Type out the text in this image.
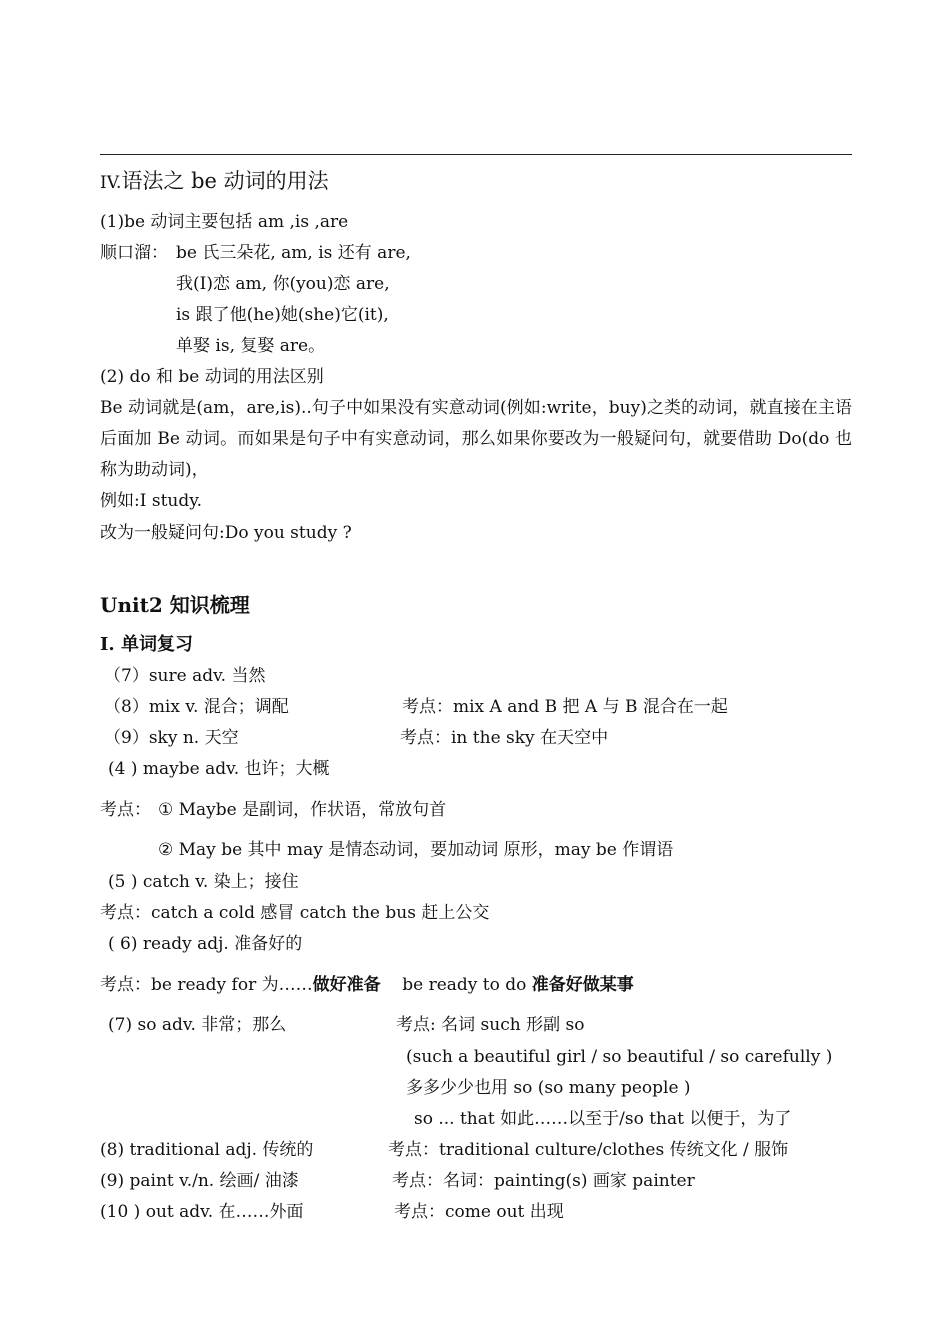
IV.语法之 be 动词的用法
(1)be 动词主要包括 am ,is ,are
顺口溜： be 氏三朵花, am, is 还有 are,
我(I)恋 am, 你(you)恋 are,
is 跟了他(he)她(she)它(it),
单娶 is, 复娶 are。
(2) do 和 be 动词的用法区别
Be 动词就是(am，are,is)..句子中如果没有实意动词(例如:write，buy)之类的动词，就直接在主语后面加 Be 动词。而如果是句子中有实意动词，那么如果你要改为一般疑问句，就要借助 Do(do 也称为助动词)，
例如:I study.
改为一般疑问句:Do you study ?
Unit2 知识梳理
I. 单词复习
（7）sure adv. 当然
（8）mix v. 混合；调配	考点：mix A and B 把 A 与 B 混合在一起
（9）sky n. 天空	考点：in the sky 在天空中
(4 ) maybe adv. 也许；大概
考点： ① Maybe 是副词，作状语，常放句首
② May be 其中 may 是情态动词，要加动词 原形，may be 作谓语
(5 ) catch v. 染上；接住
考点：catch a cold 感冒 catch the bus 赶上公交
( 6) ready adj. 准备好的
考点：be ready for 为……做好准备    be ready to do 准备好做某事
(7) so adv. 非常；那么	考点: 名词 such 形副 so
(such a beautiful girl / so beautiful / so carefully )
多多少少也用 so (so many people )
so ... that 如此……以至于/so that 以便于，为了
(8) traditional adj. 传统的	考点：traditional culture/clothes 传统文化 / 服饰
(9) paint v./n. 绘画/ 油漆	考点：名词：painting(s) 画家 painter
(10 ) out adv. 在……外面	考点：come out 出现
